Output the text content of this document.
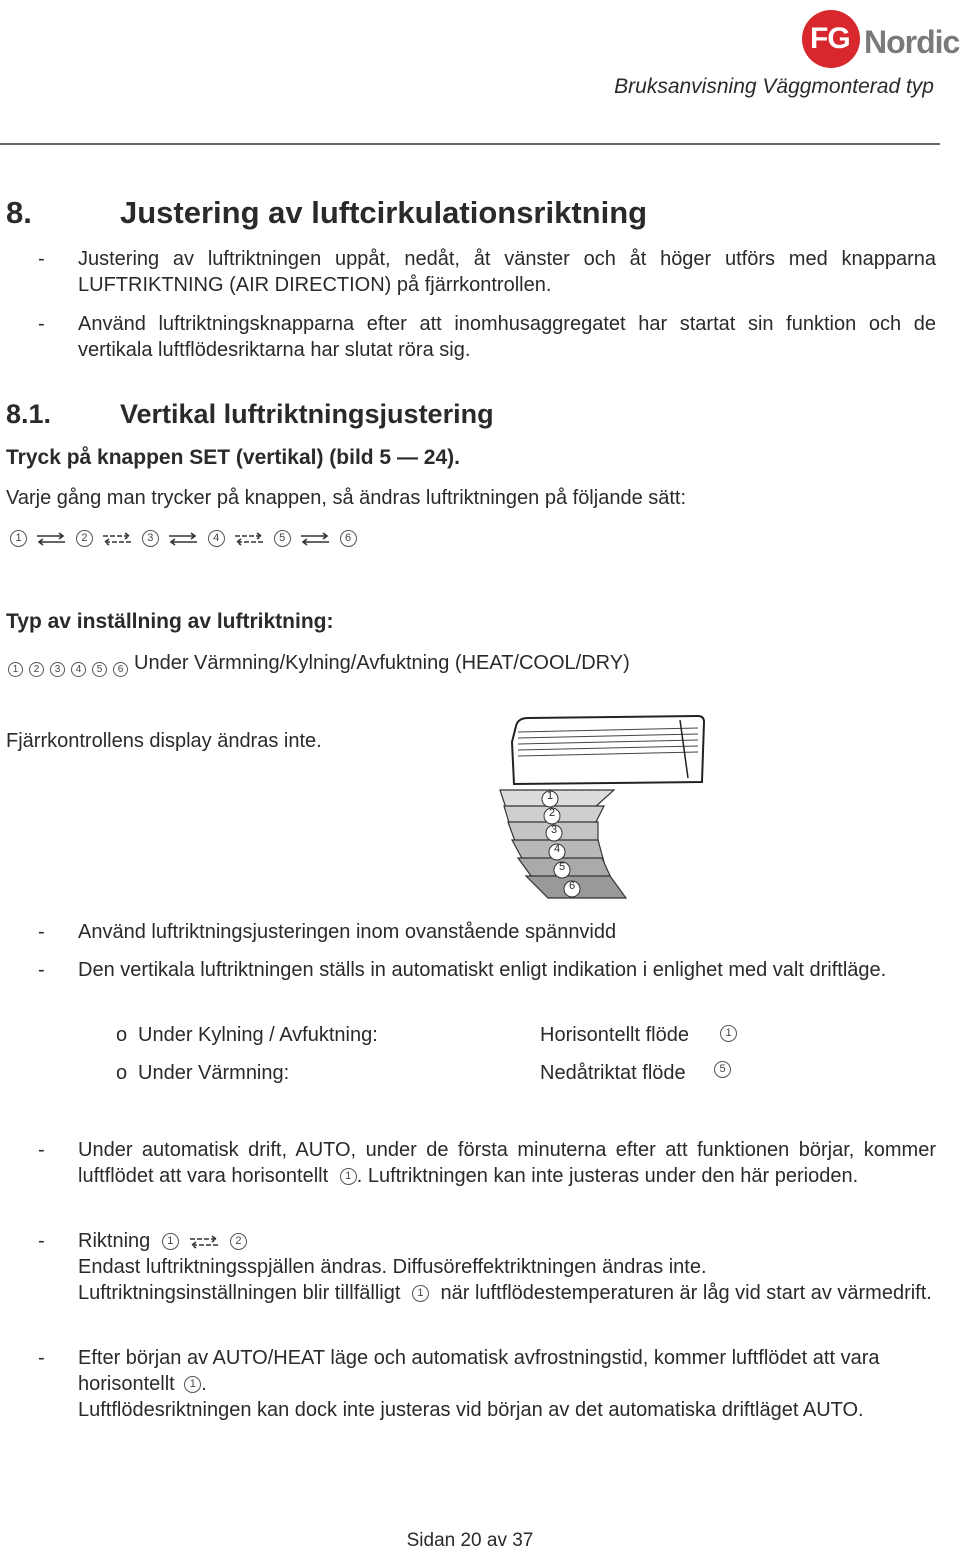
FG Nordic
Bruksanvisning Väggmonterad typ
8.	Justering av luftcirkulationsriktning
- Justering av luftriktningen uppåt, nedåt, åt vänster och åt höger utförs med knapparna LUFTRIKTNING (AIR DIRECTION) på fjärrkontrollen.
- Använd luftriktningsknapparna efter att inomhusaggregatet har startat sin funktion och de vertikala luftflödesriktarna har slutat röra sig.
8.1.	Vertikal luftriktningsjustering
Tryck på knappen SET (vertikal) (bild 5 — 24).
Varje gång man trycker på knappen, så ändras luftriktningen på följande sätt:
1	2	3	4	5	6
Typ av inställning av luftriktning:
1 2 3 4 5 6 Under Värmning/Kylning/Avfuktning (HEAT/COOL/DRY)
Fjärrkontrollens display ändras inte.
1
2
3
4
5
6
- Använd luftriktningsjusteringen inom ovanstående spännvidd
- Den vertikala luftriktningen ställs in automatiskt enligt indikation i enlighet med valt driftläge.
o Under Kylning / Avfuktning:	Horisontellt flöde	1
o Under Värmning:	Nedåtriktat flöde	5
- Under automatisk drift, AUTO, under de första minuterna efter att funktionen börjar, kommer luftflödet att vara horisontellt 1 . Luftriktningen kan inte justeras under den här perioden.
- Riktning 1	2
Endast luftriktningsspjällen ändras. Diffusöreffektriktningen ändras inte.
Luftriktningsinställningen blir tillfälligt 1 när luftflödestemperaturen är låg vid start av värmedrift.
- Efter början av AUTO/HEAT läge och automatisk avfrostningstid, kommer luftflödet att vara horisontellt 1 .
Luftflödesriktningen kan dock inte justeras vid början av det automatiska driftläget AUTO.
Sidan 20 av 37
